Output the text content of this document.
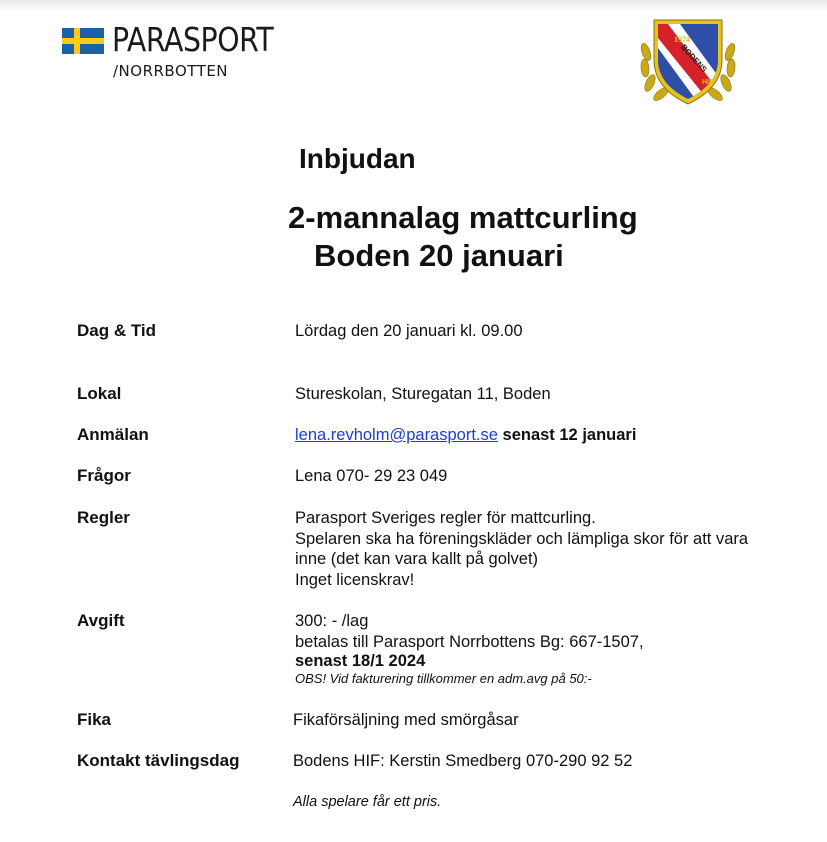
PARASPORT
/NORRBOTTEN
1974
BODENS
HIF
Inbjudan
2-mannalag mattcurling
Boden 20 januari
Dag & Tid	Lördag den 20 januari kl. 09.00
Lokal	Stureskolan, Sturegatan 11, Boden
Anmälan	lena.revholm@parasport.se senast 12 januari
Frågor	Lena 070- 29 23 049
Regler	Parasport Sveriges regler för mattcurling.
Spelaren ska ha föreningskläder och lämpliga skor för att vara
inne (det kan vara kallt på golvet)
Inget licenskrav!
Avgift	300: - /lag
betalas till Parasport Norrbottens Bg: 667-1507,
senast 18/1 2024
OBS! Vid fakturering tillkommer en adm.avg på 50:-
Fika	Fikaförsäljning med smörgåsar
Kontakt tävlingsdag	Bodens HIF: Kerstin Smedberg 070-290 92 52
Alla spelare får ett pris.
